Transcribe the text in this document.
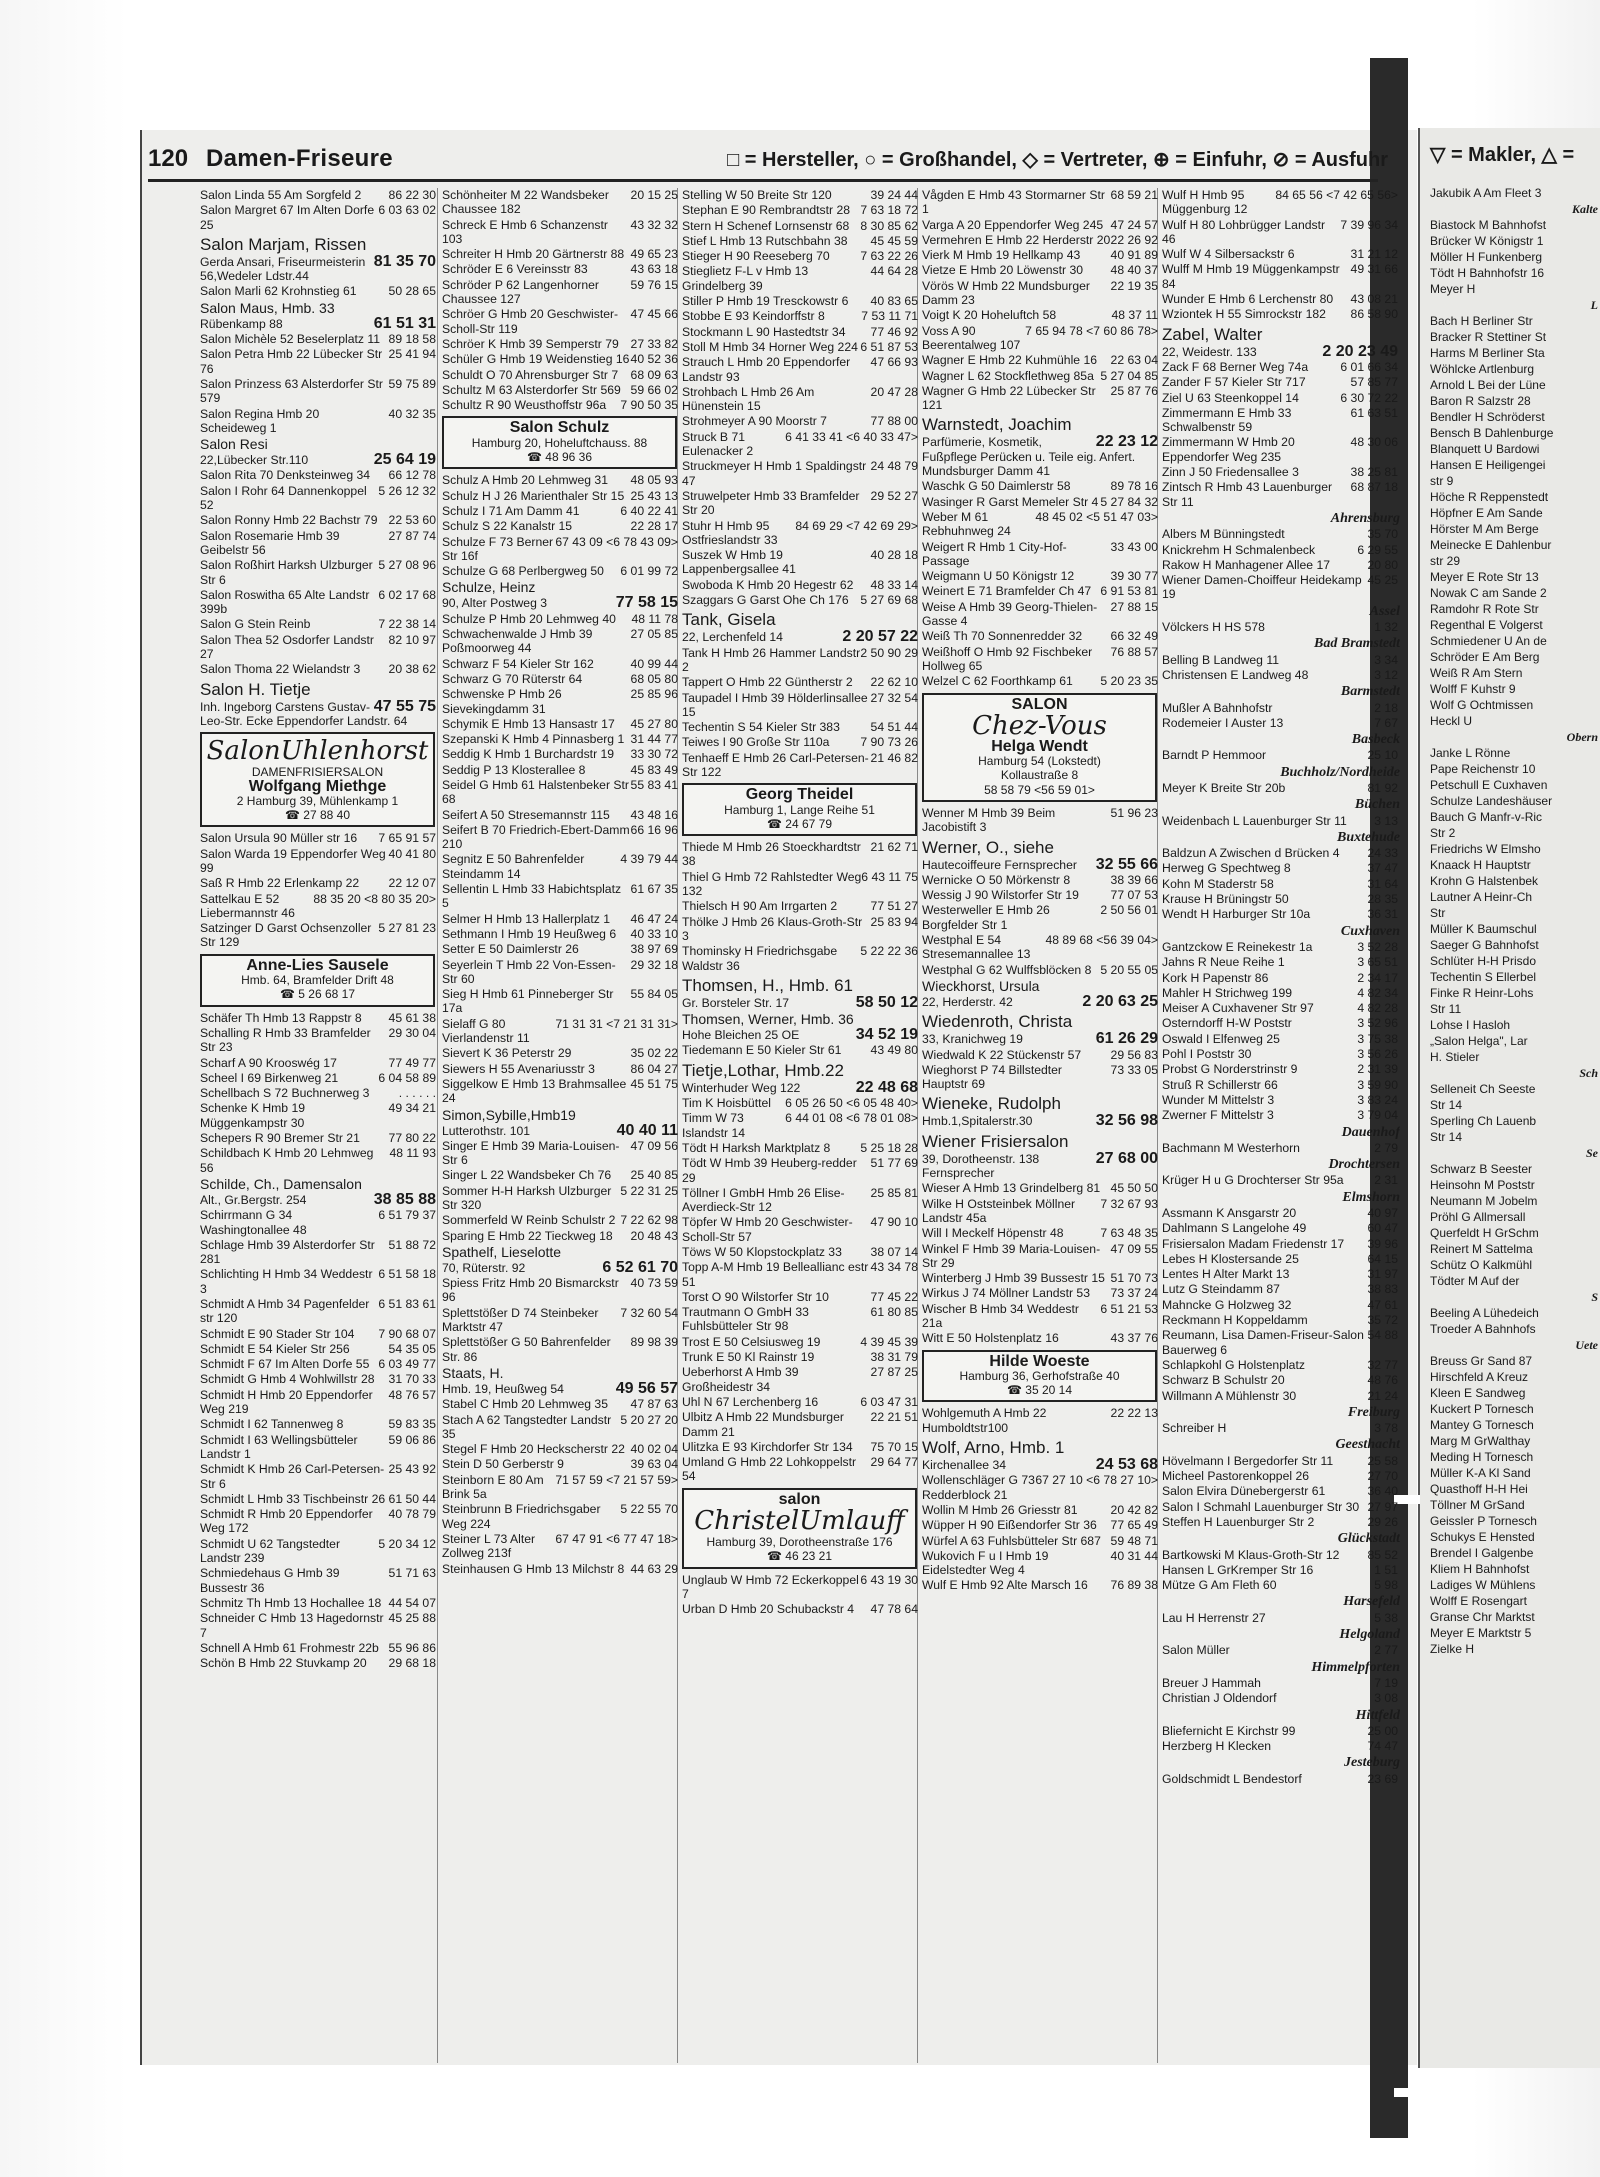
▽ = Makler, △ =
Jakubik A Am Fleet 3
Kalte
Biastock M Bahnhofst
Brücker W Königstr 1
Möller H Funkenberg
Tödt H Bahnhofstr 16
Meyer H
L
Bach H Berliner Str
Bracker R Stettiner St
Harms M Berliner Sta
Wöhlcke Artlenburg
Arnold L Bei der Lüne
Baron R Salzstr 28
Bendler H Schröderst
Bensch B Dahlenburge
Blanquett U Bardowi
Hansen E Heiligengei
str 9
Höche R Reppenstedt
Höpfner E Am Sande
Hörster M Am Berge
Meinecke E Dahlenbur
str 29
Meyer E Rote Str 13
Nowak C am Sande 2
Ramdohr R Rote Str
Regenthal E Volgerst
Schmiedener U An de
Schröder E Am Berg
Weiß R Am Stern
Wolff F Kuhstr 9
Wolf G Ochtmissen
Heckl U
Obern
Janke L Rönne
Pape Reichenstr 10
Petschull E Cuxhaven
Schulze Landeshäuser
Bauch G Manfr-v-Ric
Str 2
Friedrichs W Elmsho
Knaack H Hauptstr
Krohn G Halstenbek
Lautner A Heinr-Ch
Str
Müller K Baumschul
Saeger G Bahnhofst
Schlüter H-H Prisdo
Techentin S Ellerbel
Finke R Heinr-Lohs
Str 11
Lohse I Hasloh
„Salon Helga", Lar
H. Stieler
Sch
Selleneit Ch Seeste
Str 14
Sperling Ch Lauenb
Str 14
Se
Schwarz B Seester
Heinsohn M Poststr
Neumann M Jobelm
Pröhl G Allmersall
Querfeldt H GrSchm
Reinert M Sattelma
Schütz O Kalkmühl
Tödter M Auf der
S
Beeling A Lühedeich
Troeder A Bahnhofs
Uete
Breuss Gr Sand 87
Hirschfeld A Kreuz
Kleen E Sandweg
Kuckert P Tornesch
Mantey G Tornesch
Marg M GrWalthay
Meding H Tornesch
Müller K-A Kl Sand
Quasthoff H-H Hei
Töllner M GrSand
Geissler P Tornesch
Schukys E Hensted
Brendel I Galgenbe
Kliem H Bahnhofst
Ladiges W Mühlens
Wolff E Rosengart
Granse Chr Marktst
Meyer E Marktstr 5
Zielke H
120 Damen-Friseure	□ = Hersteller, ○ = Großhandel, ◇ = Vertreter, ⊕ = Einfuhr, ⊘ = Ausfuhr
86 22 30
Salon Linda 55 Am Sorgfeld 2
6 03 63 02
Salon Margret 67 Im Alten Dorfe 25
Salon Marjam, Rissen
81 35 70
Gerda Ansari, Friseurmeisterin 56,Wedeler Ldstr.44
50 28 65
Salon Marli 62 Krohnstieg 61
Salon Maus, Hmb. 33
61 51 31
Rübenkamp 88
89 18 58
Salon Michèle 52 Beselerplatz 11
25 41 94
Salon Petra Hmb 22 Lübecker Str 76
59 75 89
Salon Prinzess 63 Alsterdorfer Str 579
40 32 35
Salon Regina Hmb 20 Scheideweg 1
Salon Resi
25 64 19
22,Lübecker Str.110
66 12 78
Salon Rita 70 Denksteinweg 34
5 26 12 32
Salon I Rohr 64 Dannenkoppel 52
22 53 60
Salon Ronny Hmb 22 Bachstr 79
27 87 74
Salon Rosemarie Hmb 39 Geibelstr 56
5 27 08 96
Salon Roßhirt Harksh Ulzburger Str 6
6 02 17 68
Salon Roswitha 65 Alte Landstr 399b
7 22 38 14
Salon G Stein Reinb
82 10 97
Salon Thea 52 Osdorfer Landstr 27
20 38 62
Salon Thoma 22 Wielandstr 3
Salon H. Tietje
47 55 75
Inh. Ingeborg Carstens Gustav-Leo-Str. Ecke Eppendorfer Landstr. 64
SalonUhlenhorst
DAMENFRISIERSALON
Wolfgang Miethge
2 Hamburg 39, Mühlenkamp 1
☎ 27 88 40
7 65 91 57
Salon Ursula 90 Müller str 16
40 41 80
Salon Warda 19 Eppendorfer Weg 99
22 12 07
Saß R Hmb 22 Erlenkamp 22
88 35 20 <8 80 35 20>
Sattelkau E 52 Liebermannstr 46
5 27 81 23
Satzinger D Garst Ochsenzoller Str 129
Anne-Lies Sausele
Hmb. 64, Bramfelder Drift 48
☎ 5 26 68 17
45 61 38
Schäfer Th Hmb 13 Rappstr 8
29 30 04
Schalling R Hmb 33 Bramfelder Str 23
77 49 77
Scharf A 90 Krooswég 17
6 04 58 89
Scheel I 69 Birkenweg 21
. . . . . .
Schellbach S 72 Buchnerweg 3
49 34 21
Schenke K Hmb 19 Müggenkampstr 30
77 80 22
Schepers R 90 Bremer Str 21
48 11 93
Schildbach K Hmb 20 Lehmweg 56
Schilde, Ch., Damensalon
38 85 88
Alt., Gr.Bergstr. 254
6 51 79 37
Schirrmann G 34 Washingtonallee 48
51 88 72
Schlage Hmb 39 Alsterdorfer Str 281
6 51 58 18
Schlichting H Hmb 34 Weddestr 3
6 51 83 61
Schmidt A Hmb 34 Pagenfelder str 120
7 90 68 07
Schmidt E 90 Stader Str 104
54 35 05
Schmidt E 54 Kieler Str 256
6 03 49 77
Schmidt F 67 Im Alten Dorfe 55
31 70 33
Schmidt G Hmb 4 Wohlwillstr 28
48 76 57
Schmidt H Hmb 20 Eppendorfer Weg 219
59 83 35
Schmidt I 62 Tannenweg 8
59 06 86
Schmidt I 63 Wellingsbütteler Landstr 1
25 43 92
Schmidt K Hmb 26 Carl-Petersen-Str 6
61 50 44
Schmidt L Hmb 33 Tischbeinstr 26
40 78 79
Schmidt R Hmb 20 Eppendorfer Weg 172
5 20 34 12
Schmidt U 62 Tangstedter Landstr 239
51 71 63
Schmiedehaus G Hmb 39 Bussestr 36
44 54 07
Schmitz Th Hmb 13 Hochallee 18
45 25 88
Schneider C Hmb 13 Hagedornstr 7
55 96 86
Schnell A Hmb 61 Frohmestr 22b
29 68 18
Schön B Hmb 22 Stuvkamp 20
20 15 25
Schönheiter M 22 Wandsbeker Chaussee 182
43 32 32
Schreck E Hmb 6 Schanzenstr 103
49 65 23
Schreiter H Hmb 20 Gärtnerstr 88
43 63 18
Schröder E 6 Vereinsstr 83
59 76 15
Schröder P 62 Langenhorner Chaussee 127
47 45 66
Schröer G Hmb 20 Geschwister-Scholl-Str 119
27 33 82
Schröer K Hmb 39 Semperstr 79
40 52 36
Schüler G Hmb 19 Weidenstieg 16
68 09 63
Schuldt O 70 Ahrensburger Str 7
59 66 02
Schultz M 63 Alsterdorfer Str 569
7 90 50 35
Schultz R 90 Weusthoffstr 96a
Salon Schulz
Hamburg 20, Hoheluftchauss. 88
☎ 48 96 36
48 05 93
Schulz A Hmb 20 Lehmweg 31
25 43 13
Schulz H J 26 Marienthaler Str 15
6 40 22 41
Schulz I 71 Am Damm 41
22 28 17
Schulz S 22 Kanalstr 15
67 43 09 <6 78 43 09>
Schulze F 73 Berner Str 16f
6 01 99 72
Schulze G 68 Perlbergweg 50
Schulze, Heinz
77 58 15
90, Alter Postweg 3
48 11 78
Schulze P Hmb 20 Lehmweg 40
27 05 85
Schwachenwalde J Hmb 39 Poßmoorweg 44
40 99 44
Schwarz F 54 Kieler Str 162
68 05 80
Schwarz G 70 Rüterstr 64
25 85 96
Schwenske P Hmb 26 Sievekingdamm 31
45 27 80
Schymik E Hmb 13 Hansastr 17
31 44 77
Szepanski K Hmb 4 Pinnasberg 1
33 30 72
Seddig K Hmb 1 Burchardstr 19
45 83 49
Seddig P 13 Klosterallee 8
55 83 41
Seidel G Hmb 61 Halstenbeker Str 68
43 48 16
Seifert A 50 Stresemannstr 115
66 16 96
Seifert B 70 Friedrich-Ebert-Damm 210
4 39 79 44
Segnitz E 50 Bahrenfelder Steindamm 14
61 67 35
Sellentin L Hmb 33 Habichtsplatz 5
46 47 24
Selmer H Hmb 13 Hallerplatz 1
40 33 10
Sethmann I Hmb 19 Heußweg 6
38 97 69
Setter E 50 Daimlerstr 26
29 32 18
Seyerlein T Hmb 22 Von-Essen-Str 60
55 84 05
Sieg H Hmb 61 Pinneberger Str 17a
71 31 31 <7 21 31 31>
Sielaff G 80 Vierlandenstr 11
35 02 22
Sievert K 36 Peterstr 29
86 04 27
Siewers H 55 Avenariusstr 3
45 51 75
Siggelkow E Hmb 13 Brahmsallee 24
Simon,Sybille,Hmb19
40 40 11
Lutterothstr. 101
47 09 56
Singer E Hmb 39 Maria-Louisen-Str 6
25 40 85
Singer L 22 Wandsbeker Ch 76
5 22 31 25
Sommer H-H Harksh Ulzburger Str 320
7 22 62 98
Sommerfeld W Reinb Schulstr 2
20 48 43
Sparing E Hmb 22 Tieckweg 18
Spathelf, Lieselotte
6 52 61 70
70, Rüterstr. 92
40 73 59
Spiess Fritz Hmb 20 Bismarckstr 96
7 32 60 54
Splettstößer D 74 Steinbeker Marktstr 47
89 98 39
Splettstößer G 50 Bahrenfelder Str. 86
Staats, H.
49 56 57
Hmb. 19, Heußweg 54
47 87 63
Stabel C Hmb 20 Lehmweg 35
5 20 27 20
Stach A 62 Tangstedter Landstr 35
40 02 04
Stegel F Hmb 20 Heckscherstr 22
39 63 04
Stein D 50 Gerberstr 9
71 57 59 <7 21 57 59>
Steinborn E 80 Am Brink 5a
5 22 55 70
Steinbrunn B Friedrichsgaber Weg 224
67 47 91 <6 77 47 18>
Steiner L 73 Alter Zollweg 213f
44 63 29
Steinhausen G Hmb 13 Milchstr 8
39 24 44
Stelling W 50 Breite Str 120
7 63 18 72
Stephan E 90 Rembrandtstr 28
8 30 85 62
Stern H Schenef Lornsenstr 68
45 45 59
Stief L Hmb 13 Rutschbahn 38
7 63 22 26
Stieger H 90 Reeseberg 70
44 64 28
Stieglietz F-L v Hmb 13 Grindelberg 39
40 83 65
Stiller P Hmb 19 Tresckowstr 6
7 53 11 71
Stobbe E 93 Keindorffstr 8
77 46 92
Stockmann L 90 Hastedtstr 34
6 51 87 53
Stoll M Hmb 34 Horner Weg 224
47 66 93
Strauch L Hmb 20 Eppendorfer Landstr 93
20 47 28
Strohbach L Hmb 26 Am Hünenstein 15
77 88 00
Strohmeyer A 90 Moorstr 7
6 41 33 41 <6 40 33 47>
Struck B 71 Eulenacker 2
24 48 79
Struckmeyer H Hmb 1 Spaldingstr 47
29 52 27
Struwelpeter Hmb 33 Bramfelder Str 20
84 69 29 <7 42 69 29>
Stuhr H Hmb 95 Ostfrieslandstr 33
40 28 18
Suszek W Hmb 19 Lappenbergsallee 41
48 33 14
Swoboda K Hmb 20 Hegestr 62
5 27 69 68
Szaggars G Garst Ohe Ch 176
Tank, Gisela
2 20 57 22
22, Lerchenfeld 14
2 50 90 29
Tank H Hmb 26 Hammer Landstr 2
22 62 10
Tappert O Hmb 22 Güntherstr 2
27 32 54
Taupadel I Hmb 39 Hölderlinsallee 15
54 51 44
Techentin S 54 Kieler Str 383
7 90 73 26
Teiwes I 90 Große Str 110a
21 46 82
Tenhaeff E Hmb 26 Carl-Petersen-Str 122
Georg Theidel
Hamburg 1, Lange Reihe 51
☎ 24 67 79
21 62 71
Thiede M Hmb 26 Stoeckhardtstr 38
6 43 11 75
Thiel G Hmb 72 Rahlstedter Weg 132
77 51 27
Thielsch H 90 Am Irrgarten 2
25 83 94
Thölke J Hmb 26 Klaus-Groth-Str 3
5 22 22 36
Thominsky H Friedrichsgabe Waldstr 36
Thomsen, H., Hmb. 61
58 50 12
Gr. Borsteler Str. 17
Thomsen, Werner, Hmb. 36
34 52 19
Hohe Bleichen 25 OE
43 49 80
Tiedemann E 50 Kieler Str 61
Tietje,Lothar, Hmb.22
22 48 68
Winterhuder Weg 122
6 05 26 50 <6 05 48 40>
Tim K Hoisbüttel
6 44 01 08 <6 78 01 08>
Timm W 73 Islandstr 14
5 25 18 28
Tödt H Harksh Marktplatz 8
51 77 69
Tödt W Hmb 39 Heuberg-redder 29
25 85 81
Töllner I GmbH Hmb 26 Elise-Averdieck-Str 12
47 90 10
Töpfer W Hmb 20 Geschwister-Scholl-Str 57
38 07 14
Töws W 50 Klopstockplatz 33
43 34 78
Topp A-M Hmb 19 Belleallianc estr 51
77 45 22
Torst O 90 Wilstorfer Str 10
61 80 85
Trautmann O GmbH 33 Fuhlsbütteler Str 98
4 39 45 39
Trost E 50 Celsiusweg 19
38 31 79
Trunk E 50 Kl Rainstr 19
27 87 25
Ueberhorst A Hmb 39 Großheidestr 34
6 03 47 31
Uhl N 67 Lerchenberg 16
22 21 51
Ulbitz A Hmb 22 Mundsburger Damm 21
75 70 15
Ulitzka E 93 Kirchdorfer Str 134
29 64 77
Umland G Hmb 22 Lohkoppelstr 54
salon
ChristelUmlauff
Hamburg 39, Dorotheenstraße 176
☎ 46 23 21
6 43 19 30
Unglaub W Hmb 72 Eckerkoppel 7
47 78 64
Urban D Hmb 20 Schubackstr 4
68 59 21
Vågden E Hmb 43 Stormarner Str 1
47 24 57
Varga A 20 Eppendorfer Weg 245
22 26 92
Vermehren E Hmb 22 Herderstr 20
40 91 89
Vierk M Hmb 19 Hellkamp 43
48 40 37
Vietze E Hmb 20 Löwenstr 30
22 19 35
Vörös W Hmb 22 Mundsburger Damm 23
48 37 11
Voigt K 20 Hoheluftch 58
7 65 94 78 <7 60 86 78>
Voss A 90 Beerentalweg 107
22 63 04
Wagner E Hmb 22 Kuhmühle 16
5 27 04 85
Wagner L 62 Stockflethweg 85a
25 87 76
Wagner G Hmb 22 Lübecker Str 121
Warnstedt, Joachim
22 23 12
Parfümerie, Kosmetik, Fußpflege Perücken u. Teile eig. Anfert. Mundsburger Damm 41
89 78 16
Waschk G 50 Daimlerstr 58
5 27 84 32
Wasinger R Garst Memeler Str 4
48 45 02 <5 51 47 03>
Weber M 61 Rebhuhnweg 24
33 43 00
Weigert R Hmb 1 City-Hof-Passage
39 30 77
Weigmann U 50 Königstr 12
6 91 53 81
Weinert E 71 Bramfelder Ch 47
27 88 15
Weise A Hmb 39 Georg-Thielen-Gasse 4
66 32 49
Weiß Th 70 Sonnenredder 32
76 88 57
Weißhoff O Hmb 92 Fischbeker Hollweg 65
5 20 23 35
Welzel C 62 Foorthkamp 61
SALON
Chez-Vous
Helga Wendt
Hamburg 54 (Lokstedt)
Kollaustraße 8
58 58 79 <56 59 01>
51 96 23
Wenner M Hmb 39 Beim Jacobistift 3
Werner, O., siehe
32 55 66
Hautecoiffeure Fernsprecher
38 39 66
Wernicke O 50 Mörkenstr 8
77 07 53
Wessig J 90 Wilstorfer Str 19
2 50 56 01
Westerweller E Hmb 26 Borgfelder Str 1
48 89 68 <56 39 04>
Westphal E 54 Stresemannallee 13
5 20 55 05
Westphal G 62 Wulffsblöcken 8
Wieckhorst, Ursula
2 20 63 25
22, Herderstr. 42
Wiedenroth, Christa
61 26 29
33, Kranichweg 19
29 56 83
Wiedwald K 22 Stückenstr 57
73 33 05
Wieghorst P 74 Billstedter Hauptstr 69
Wieneke, Rudolph
32 56 98
Hmb.1,Spitalerstr.30
Wiener Frisiersalon
27 68 00
39, Dorotheenstr. 138 Fernsprecher
45 50 50
Wieser A Hmb 13 Grindelberg 81
7 32 67 93
Wilke H Oststeinbek Möllner Landstr 45a
7 63 48 35
Will I Meckelf Höpenstr 48
47 09 55
Winkel F Hmb 39 Maria-Louisen-Str 29
51 70 73
Winterberg J Hmb 39 Bussestr 15
73 37 24
Wirkus J 74 Möllner Landstr 53
6 51 21 53
Wischer B Hmb 34 Weddestr 21a
43 37 76
Witt E 50 Holstenplatz 16
Hilde Woeste
Hamburg 36, Gerhofstraße 40
☎ 35 20 14
22 22 13
Wohlgemuth A Hmb 22 Humboldtstr100
Wolf, Arno, Hmb. 1
24 53 68
Kirchenallee 34
67 27 10 <6 78 27 10>
Wollenschläger G 73 Redderblock 21
20 42 82
Wollin M Hmb 26 Griesstr 81
77 65 49
Wüpper H 90 Eißendorfer Str 36
59 48 71
Würfel A 63 Fuhlsbütteler Str 687
40 31 44
Wukovich F u I Hmb 19 Eidelstedter Weg 4
76 89 38
Wulf E Hmb 92 Alte Marsch 16
84 65 56 <7 42 65 56>
Wulf H Hmb 95 Müggenburg 12
7 39 96 34
Wulf H 80 Lohbrügger Landstr 46
31 21 12
Wulf W 4 Silbersackstr 6
49 31 66
Wulff M Hmb 19 Müggenkampstr 84
43 08 21
Wunder E Hmb 6 Lerchenstr 80
86 58 90
Wziontek H 55 Simrockstr 182
Zabel, Walter
2 20 23 49
22, Weidestr. 133
6 01 66 34
Zack F 68 Berner Weg 74a
57 85 77
Zander F 57 Kieler Str 717
6 30 72 22
Ziel U 63 Steenkoppel 14
61 63 51
Zimmermann E Hmb 33 Schwalbenstr 59
48 30 06
Zimmermann W Hmb 20 Eppendorfer Weg 235
38 25 81
Zinn J 50 Friedensallee 3
68 87 18
Zintsch R Hmb 43 Lauenburger Str 11
Ahrensburg
35 70
Albers M Bünningstedt
6 29 55
Knickrehm H Schmalenbeck
20 80
Rakow H Manhagener Allee 17
45 25
Wiener Damen-Choiffeur Heidekamp 19
Assel
1 32
Völckers H HS 578
Bad Bramstedt
3 34
Belling B Landweg 11
3 12
Christensen E Landweg 48
Barmstedt
2 18
Mußler A Bahnhofstr
7 67
Rodemeier I Auster 13
Basbeck
25 10
Barndt P Hemmoor
Buchholz/Nordheide
81 92
Meyer K Breite Str 20b
Büchen
3 13
Weidenbach L Lauenburger Str 11
Buxtehude
24 33
Baldzun A Zwischen d Brücken 4
37 47
Herweg G Spechtweg 8
31 64
Kohn M Staderstr 58
28 35
Krause H Brüningstr 50
36 31
Wendt H Harburger Str 10a
Cuxhaven
3 52 28
Gantzckow E Reinekestr 1a
3 65 51
Jahns R Neue Reihe 1
2 34 17
Kork H Papenstr 86
4 82 34
Mahler H Strichweg 199
4 82 28
Meiser A Cuxhavener Str 97
3 52 96
Osterndorff H-W Poststr
3 75 38
Oswald I Elfenweg 25
3 56 26
Pohl I Poststr 30
2 31 39
Probst G Norderstrinstr 9
3 59 90
Struß R Schillerstr 66
3 83 24
Wunder M Mittelstr 3
3 79 04
Zwerner F Mittelstr 3
Dauenhof
2 79
Bachmann M Westerhorn
Drochtersen
2 31
Krüger H u G Drochterser Str 95a
Elmshorn
40 97
Assmann K Ansgarstr 20
60 47
Dahlmann S Langelohe 49
39 96
Frisiersalon Madam Friedenstr 17
64 15
Lebes H Klostersande 25
31 97
Lentes H Alter Markt 13
38 83
Lutz G Steindamm 87
47 61
Mahncke G Holzweg 32
35 72
Reckmann H Koppeldamm
54 88
Reumann, Lisa Damen-Friseur-Salon Bauerweg 6
32 77
Schlapkohl G Holstenplatz
48 76
Schwarz B Schulstr 20
21 24
Willmann A Mühlenstr 30
Freiburg
3 78
Schreiber H
Geesthacht
25 58
Hövelmann I Bergedorfer Str 11
27 70
Micheel Pastorenkoppel 26
36 40
Salon Elvira Dünebergerstr 61
27 97
Salon I Schmahl Lauenburger Str 30
29 26
Steffen H Lauenburger Str 2
Glückstadt
85 52
Bartkowski M Klaus-Groth-Str 12
1 51
Hansen L GrKremper Str 16
5 98
Mütze G Am Fleth 60
Harsefeld
5 38
Lau H Herrenstr 27
Helgoland
2 77
Salon Müller
Himmelpforten
7 19
Breuer J Hammah
3 08
Christian J Oldendorf
Hittfeld
25 00
Bliefernicht E Kirchstr 99
74 47
Herzberg H Klecken
Jesteburg
23 69
Goldschmidt L Bendestorf
